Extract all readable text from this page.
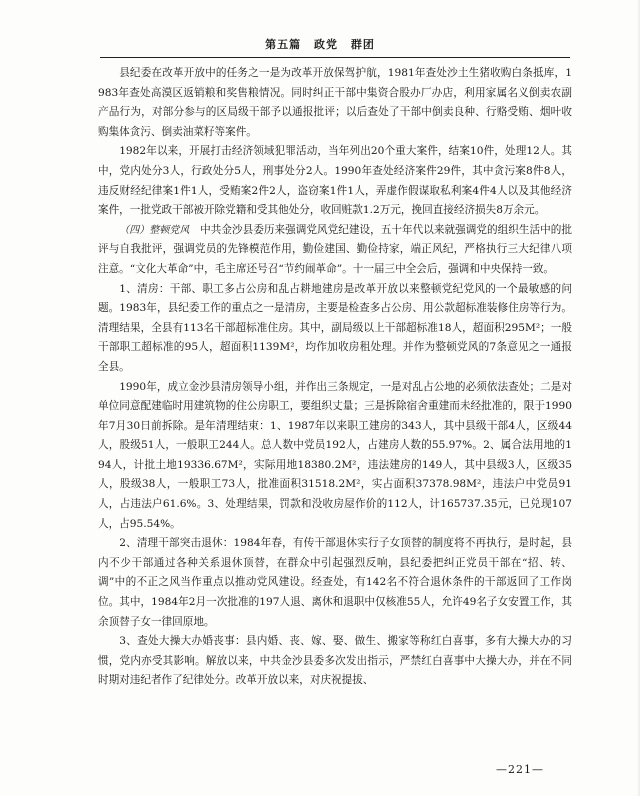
第五篇 政党 群团

县纪委在改革开放中的任务之一是为改革开放保驾护航，1981年查处沙土生猪收购白条抵库，1983年查处高漠区返销粮和奖售粮情况。同时纠正干部中集资合股办厂办店，利用家属名义倒卖农副产品行为，对部分参与的区局级干部予以通报批评；以后查处了干部中倒卖良种、行赂受贿、烟叶收购集体贪污、倒卖油菜籽等案件。

1982年以来，开展打击经济领域犯罪活动，当年列出20个重大案件，结案10件，处理12人。其中，党内处分3人，行政处分5人，刑事处分2人。1990年查处经济案件29件，其中贪污案8件8人，违反财经纪律案1件1人，受贿案2件2人，盗窃案1件1人，弄虚作假谋取私利案4件4人以及其他经济案件，一批党政干部被开除党籍和受其他处分，收回赃款1.2万元，挽回直接经济损失8万余元。

（四）整顿党风　 中共金沙县委历来强调党风党纪建设，五十年代以来就强调党的组织生活中的批评与自我批评，强调党员的先锋模范作用，勤俭建国、勤俭持家，端正风纪，严格执行三大纪律八项注意。“文化大革命”中，毛主席还号召“节约闹革命”。十一届三中全会后，强调和中央保持一致。

1、清房：干部、职工多占公房和乱占耕地建房是改革开放以来整顿党纪党风的一个最敏感的问题。1983年，县纪委工作的重点之一是清房，主要是检查多占公房、用公款超标准装修住房等行为。清理结果，全县有113名干部超标准住房。其中，副局级以上干部超标准18人，超面积295M²；一般干部职工超标准的95人，超面积1139M²，均作加收房租处理。并作为整顿党风的7条意见之一通报全县。

1990年，成立金沙县清房领导小组，并作出三条规定，一是对乱占公地的必须依法查处；二是对单位同意配建临时用建筑物的住公房职工，要组织丈量；三是拆除宿舍重建而未经批准的，限于1990年7月30日前拆除。是年清理结束：1、1987年以来职工建房的343人，其中县级干部4人，区级44人，股级51人，一般职工244人。总人数中党员192人，占建房人数的55.97%。2、属合法用地的194人，计批土地19336.67M²，实际用地18380.2M²，违法建房的149人，其中县级3人，区级35人，股级38人，一般职工73人，批准面积31518.2M²，实占面积37378.98M²，违法户中党员91人，占违法户61.6%。3、处理结果，罚款和没收房屋作价的112人，计165737.35元，已兑现107人，占95.54%。

2、清理干部突击退休：1984年春，有传干部退休实行子女顶替的制度将不再执行，是时起，县内不少干部通过各种关系退休顶替，在群众中引起强烈反响，县纪委把纠正党员干部在“招、转、调”中的不正之风当作重点以推动党风建设。经查处，有142名不符合退休条件的干部返回了工作岗位。其中，1984年2月一次批准的197人退、离休和退职中仅核准55人，允许49名子女安置工作，其余顶替子女一律回原地。

3、查处大操大办婚丧事：县内婚、丧、嫁、娶、做生、搬家等称红白喜事，多有大操大办的习惯，党内亦受其影响。解放以来，中共金沙县委多次发出指示，严禁红白喜事中大操大办，并在不同时期对违纪者作了纪律处分。改革开放以来，对庆祝提拔、

—221—
